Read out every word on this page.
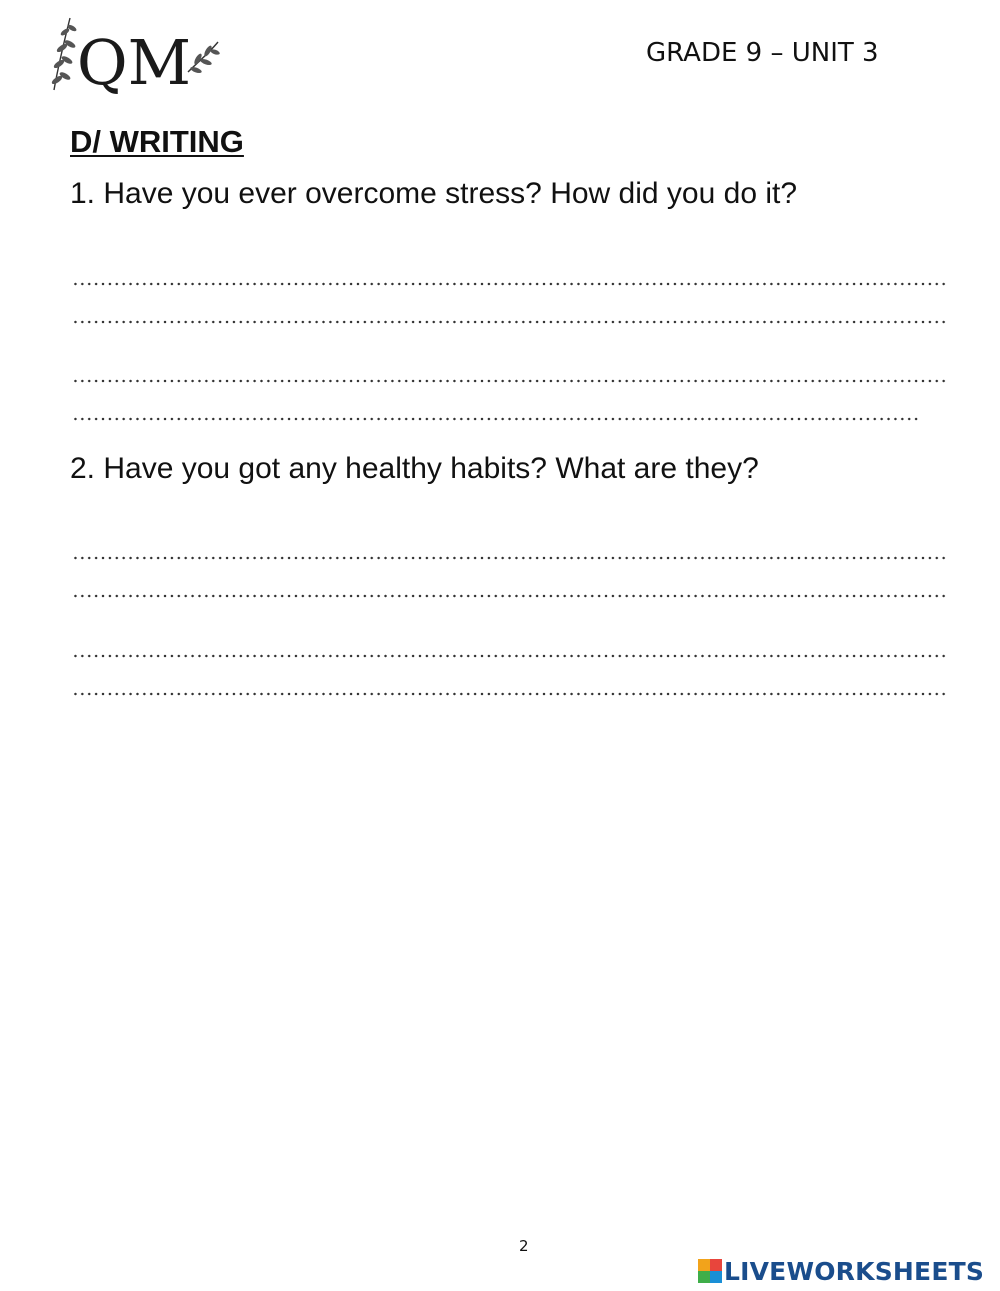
QM	GRADE 9 – UNIT 3
D/ WRITING
1. Have you ever overcome stress? How did you do it?
2. Have you got any healthy habits? What are they?
2
LIVEWORKSHEETS
